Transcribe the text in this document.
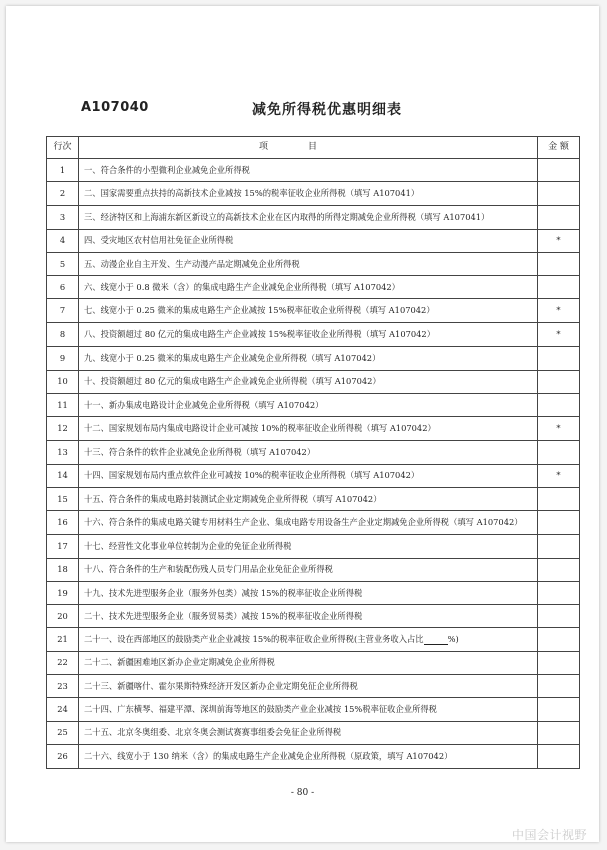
A107040	减免所得税优惠明细表
行次	项目	金 额
1	一、符合条件的小型微利企业减免企业所得税	
2	二、国家需要重点扶持的高新技术企业减按 15%的税率征收企业所得税（填写 A107041）	
3	三、经济特区和上海浦东新区新设立的高新技术企业在区内取得的所得定期减免企业所得税（填写 A107041）	
4	四、受灾地区农村信用社免征企业所得税	*
5	五、动漫企业自主开发、生产动漫产品定期减免企业所得税	
6	六、线宽小于 0.8 微米（含）的集成电路生产企业减免企业所得税（填写 A107042）	
7	七、线宽小于 0.25 微米的集成电路生产企业减按 15%税率征收企业所得税（填写 A107042）	*
8	八、投资额超过 80 亿元的集成电路生产企业减按 15%税率征收企业所得税（填写 A107042）	*
9	九、线宽小于 0.25 微米的集成电路生产企业减免企业所得税（填写 A107042）	
10	十、投资额超过 80 亿元的集成电路生产企业减免企业所得税（填写 A107042）	
11	十一、新办集成电路设计企业减免企业所得税（填写 A107042）	
12	十二、国家规划布局内集成电路设计企业可减按 10%的税率征收企业所得税（填写 A107042）	*
13	十三、符合条件的软件企业减免企业所得税（填写 A107042）	
14	十四、国家规划布局内重点软件企业可减按 10%的税率征收企业所得税（填写 A107042）	*
15	十五、符合条件的集成电路封装测试企业定期减免企业所得税（填写 A107042）	
16	十六、符合条件的集成电路关键专用材料生产企业、集成电路专用设备生产企业定期减免企业所得税（填写 A107042）	
17	十七、经营性文化事业单位转制为企业的免征企业所得税	
18	十八、符合条件的生产和装配伤残人员专门用品企业免征企业所得税	
19	十九、技术先进型服务企业（服务外包类）减按 15%的税率征收企业所得税	
20	二十、技术先进型服务企业（服务贸易类）减按 15%的税率征收企业所得税	
21	二十一、设在西部地区的鼓励类产业企业减按 15%的税率征收企业所得税(主营业务收入占比 %)	
22	二十二、新疆困难地区新办企业定期减免企业所得税	
23	二十三、新疆喀什、霍尔果斯特殊经济开发区新办企业定期免征企业所得税	
24	二十四、广东横琴、福建平潭、深圳前海等地区的鼓励类产业企业减按 15%税率征收企业所得税	
25	二十五、北京冬奥组委、北京冬奥会测试赛赛事组委会免征企业所得税	
26	二十六、线宽小于 130 纳米（含）的集成电路生产企业减免企业所得税（原政策，填写 A107042）	
- 80 -
中国会计视野
